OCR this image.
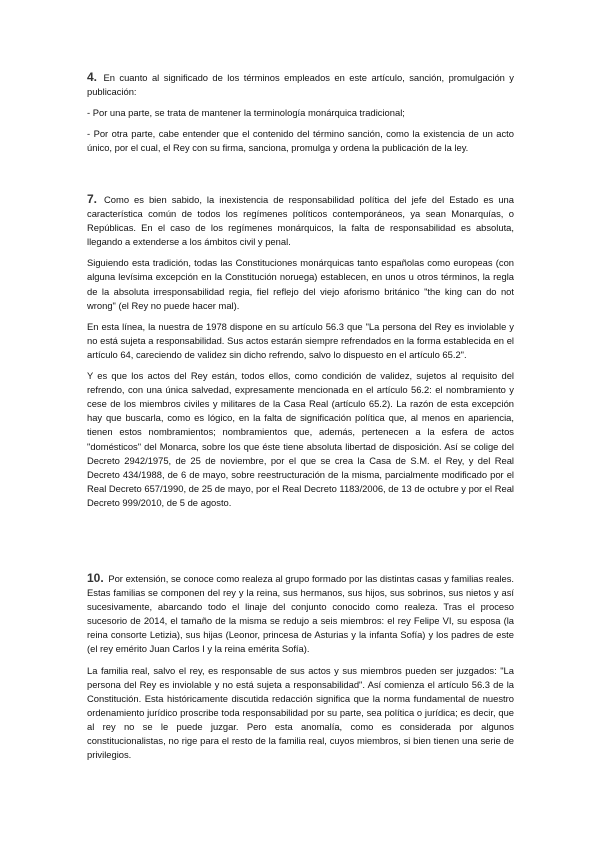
4. En cuanto al significado de los términos empleados en este artículo, sanción, promulgación y publicación:

- Por una parte, se trata de mantener la terminología monárquica tradicional;

- Por otra parte, cabe entender que el contenido del término sanción, como la existencia de un acto único, por el cual, el Rey con su firma, sanciona, promulga y ordena la publicación de la ley.

7. Como es bien sabido, la inexistencia de responsabilidad política del jefe del Estado es una característica común de todos los regímenes políticos contemporáneos, ya sean Monarquías, o Repúblicas. En el caso de los regímenes monárquicos, la falta de responsabilidad es absoluta, llegando a extenderse a los ámbitos civil y penal.

Siguiendo esta tradición, todas las Constituciones monárquicas tanto españolas como europeas (con alguna levísima excepción en la Constitución noruega) establecen, en unos u otros términos, la regla de la absoluta irresponsabilidad regia, fiel reflejo del viejo aforismo británico "the king can do not wrong" (el Rey no puede hacer mal).

En esta línea, la nuestra de 1978 dispone en su artículo 56.3 que "La persona del Rey es inviolable y no está sujeta a responsabilidad. Sus actos estarán siempre refrendados en la forma establecida en el artículo 64, careciendo de validez sin dicho refrendo, salvo lo dispuesto en el artículo 65.2".

Y es que los actos del Rey están, todos ellos, como condición de validez, sujetos al requisito del refrendo, con una única salvedad, expresamente mencionada en el artículo 56.2: el nombramiento y cese de los miembros civiles y militares de la Casa Real (artículo 65.2). La razón de esta excepción hay que buscarla, como es lógico, en la falta de significación política que, al menos en apariencia, tienen estos nombramientos; nombramientos que, además, pertenecen a la esfera de actos "domésticos" del Monarca, sobre los que éste tiene absoluta libertad de disposición. Así se colige del Decreto 2942/1975, de 25 de noviembre, por el que se crea la Casa de S.M. el Rey, y del Real Decreto 434/1988, de 6 de mayo, sobre reestructuración de la misma, parcialmente modificado por el Real Decreto 657/1990, de 25 de mayo, por el Real Decreto 1183/2006, de 13 de octubre y por el Real Decreto 999/2010, de 5 de agosto.

10. Por extensión, se conoce como realeza al grupo formado por las distintas casas y familias reales. Estas familias se componen del rey y la reina, sus hermanos, sus hijos, sus sobrinos, sus nietos y así sucesivamente, abarcando todo el linaje del conjunto conocido como realeza. Tras el proceso sucesorio de 2014, el tamaño de la misma se redujo a seis miembros: el rey Felipe VI, su esposa (la reina consorte Letizia), sus hijas (Leonor, princesa de Asturias y la infanta Sofía) y los padres de este (el rey emérito Juan Carlos I y la reina emérita Sofía).

La familia real, salvo el rey, es responsable de sus actos y sus miembros pueden ser juzgados: "La persona del Rey es inviolable y no está sujeta a responsabilidad". Así comienza el artículo 56.3 de la Constitución. Esta históricamente discutida redacción significa que la norma fundamental de nuestro ordenamiento jurídico proscribe toda responsabilidad por su parte, sea política o jurídica; es decir, que al rey no se le puede juzgar. Pero esta anomalía, como es considerada por algunos constitucionalistas, no rige para el resto de la familia real, cuyos miembros, si bien tienen una serie de privilegios.
